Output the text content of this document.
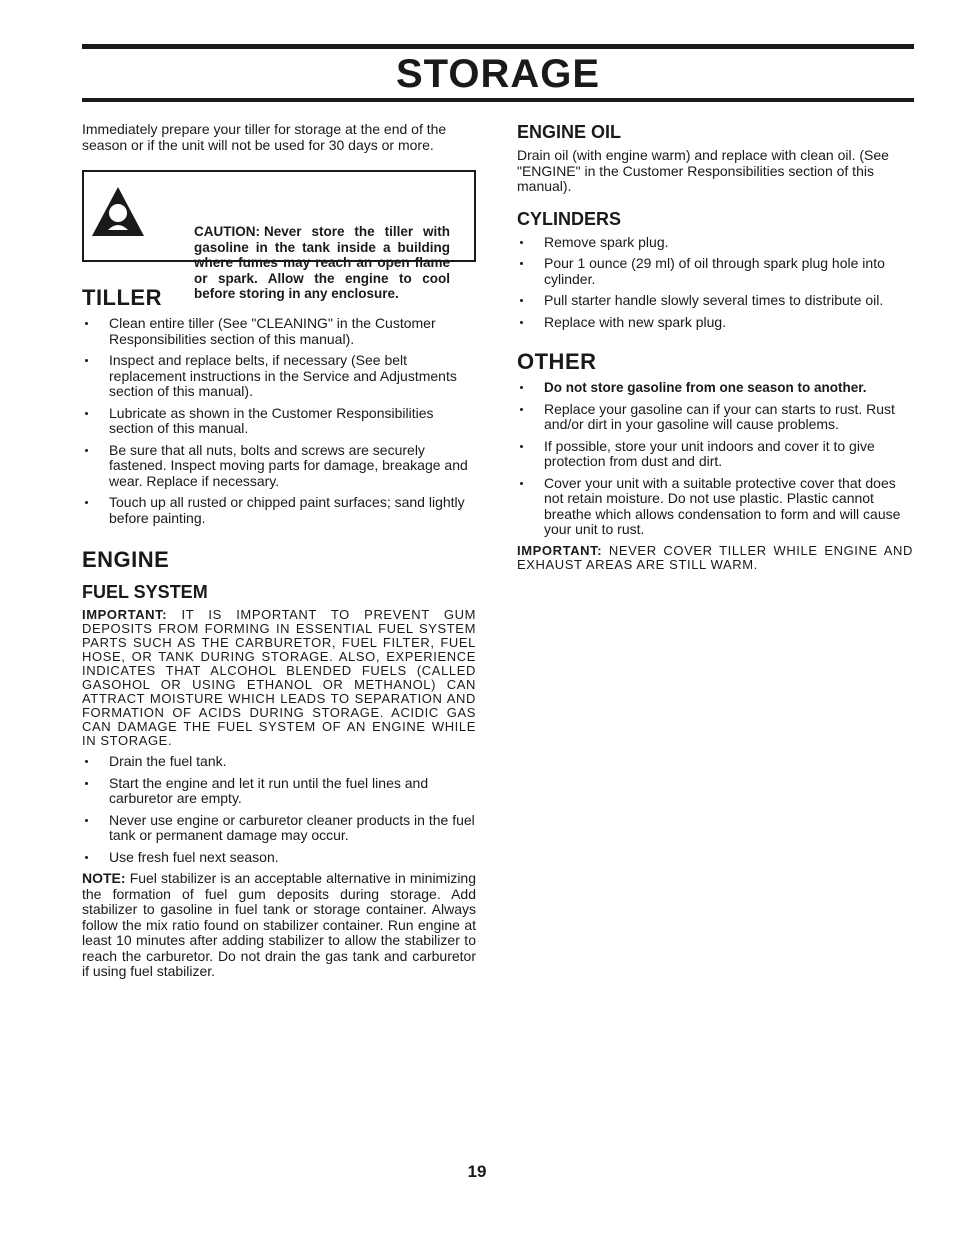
STORAGE

Immediately prepare your tiller for storage at the end of the season or if the unit will not be used for 30 days or more.

CAUTION: Never store the tiller with gasoline in the tank inside a building where fumes may reach an open flame or spark. Allow the engine to cool before storing in any enclosure.
TILLER
Clean entire tiller (See "CLEANING" in the Customer Responsibilities section of this manual).
Inspect and replace belts, if necessary (See belt replacement instructions in the Service and Adjustments section of this manual).
Lubricate as shown in the Customer Responsibilities section of this manual.
Be sure that all nuts, bolts and screws are securely fastened. Inspect moving parts for damage, breakage and wear. Replace if necessary.
Touch up all rusted or chipped paint surfaces; sand lightly before painting.
ENGINE
FUEL SYSTEM

IMPORTANT: IT IS IMPORTANT TO PREVENT GUM DEPOSITS FROM FORMING IN ESSENTIAL FUEL SYSTEM PARTS SUCH AS THE CARBURETOR, FUEL FILTER, FUEL HOSE, OR TANK DURING STORAGE. ALSO, EXPERIENCE INDICATES THAT ALCOHOL BLENDED FUELS (CALLED GASOHOL OR USING ETHANOL OR METHANOL) CAN ATTRACT MOISTURE WHICH LEADS TO SEPARATION AND FORMATION OF ACIDS DURING STORAGE. ACIDIC GAS CAN DAMAGE THE FUEL SYSTEM OF AN ENGINE WHILE IN STORAGE.

Drain the fuel tank.
Start the engine and let it run until the fuel lines and carburetor are empty.
Never use engine or carburetor cleaner products in the fuel tank or permanent damage may occur.
Use fresh fuel next season.

NOTE: Fuel stabilizer is an acceptable alternative in minimizing the formation of fuel gum deposits during storage. Add stabilizer to gasoline in fuel tank or storage container. Always follow the mix ratio found on stabilizer container. Run engine at least 10 minutes after adding stabilizer to allow the stabilizer to reach the carburetor. Do not drain the gas tank and carburetor if using fuel stabilizer.

ENGINE OIL

Drain oil (with engine warm) and replace with clean oil. (See "ENGINE" in the Customer Responsibilities section of this manual).

CYLINDERS
Remove spark plug.
Pour 1 ounce (29 ml) of oil through spark plug hole into cylinder.
Pull starter handle slowly several times to distribute oil.
Replace with new spark plug.
OTHER
Do not store gasoline from one season to another.
Replace your gasoline can if your can starts to rust. Rust and/or dirt in your gasoline will cause problems.
If possible, store your unit indoors and cover it to give protection from dust and dirt.
Cover your unit with a suitable protective cover that does not retain moisture. Do not use plastic. Plastic cannot breathe which allows condensation to form and will cause your unit to rust.

IMPORTANT: NEVER COVER TILLER WHILE ENGINE AND EXHAUST AREAS ARE STILL WARM.

19
